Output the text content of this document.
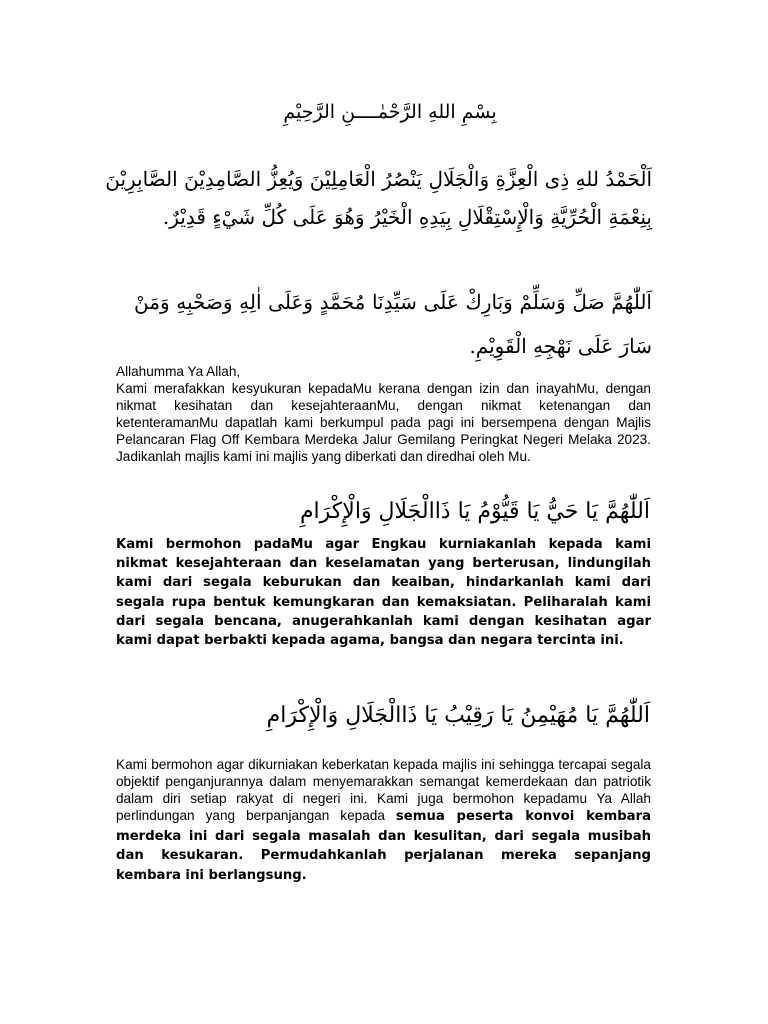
بِسْمِ اللهِ الرَّحْمٰــــنِ الرَّحِيْمِ
اَلْحَمْدُ للهِ ذِى الْعِزَّةِ وَالْجَلَالِ يَنْصُرُ الْعَامِلِيْنَ وَيُعِزُّ الصَّامِدِيْنَ الصَّابِرِيْنَ
بِنِعْمَةِ الْحُرِّيَّةِ وَالْإِسْتِقْلَالِ بِيَدِهِ الْخَيْرُ وَهُوَ عَلَى كُلِّ شَيْءٍ قَدِيْرٌ.
اَللّٰهُمَّ صَلِّ وَسَلِّمْ وَبَارِكْ عَلَى سَيِّدِنَا مُحَمَّدٍ وَعَلَى اٰلِهِ وَصَحْبِهِ وَمَنْ
سَارَ عَلَى نَهْجِهِ الْقَوِيْمِ.
Allahumma Ya Allah,
Kami merafakkan kesyukuran kepadaMu kerana dengan izin dan inayahMu, dengan nikmat kesihatan dan kesejahteraanMu, dengan nikmat ketenangan dan ketenteramanMu dapatlah kami berkumpul pada pagi ini bersempena dengan Majlis Pelancaran Flag Off Kembara Merdeka Jalur Gemilang Peringkat Negeri Melaka 2023. Jadikanlah majlis kami ini majlis yang diberkati dan diredhai oleh Mu.
اَللّٰهُمَّ يَا حَيُّ يَا قَيُّوْمُ يَا ذَاالْجَلَالِ وَالْإِكْرَامِ
Kami bermohon padaMu agar Engkau kurniakanlah kepada kami nikmat kesejahteraan dan keselamatan yang berterusan, lindungilah kami dari segala keburukan dan keaiban, hindarkanlah kami dari segala rupa bentuk kemungkaran dan kemaksiatan. Peliharalah kami dari segala bencana, anugerahkanlah kami dengan kesihatan agar kami dapat berbakti kepada agama, bangsa dan negara tercinta ini.
اَللّٰهُمَّ يَا مُهَيْمِنُ يَا رَقِيْبُ يَا ذَاالْجَلَالِ وَالْإِكْرَامِ
Kami bermohon agar dikurniakan keberkatan kepada majlis ini sehingga tercapai segala objektif penganjurannya dalam menyemarakkan semangat kemerdekaan dan patriotik dalam diri setiap rakyat di negeri ini. Kami juga bermohon kepadamu Ya Allah perlindungan yang berpanjangan kepada semua peserta konvoi kembara merdeka ini dari segala masalah dan kesulitan, dari segala musibah dan kesukaran. Permudahkanlah perjalanan mereka sepanjang kembara ini berlangsung.
